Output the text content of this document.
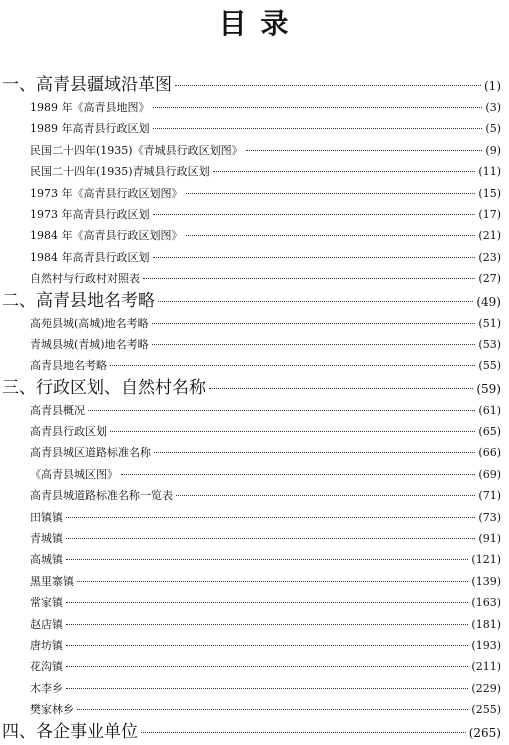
目 录
一、高青县疆域沿革图	(1)
1989 年《高青县地图》	(3)
1989 年高青县行政区划	(5)
民国二十四年(1935)《青城县行政区划图》	(9)
民国二十四年(1935)青城县行政区划	(11)
1973 年《高青县行政区划图》	(15)
1973 年高青县行政区划	(17)
1984 年《高青县行政区划图》	(21)
1984 年高青县行政区划	(23)
自然村与行政村对照表	(27)
二、高青县地名考略	(49)
高苑县城(高城)地名考略	(51)
青城县城(青城)地名考略	(53)
高青县地名考略	(55)
三、行政区划、自然村名称	(59)
高青县概况	(61)
高青县行政区划	(65)
高青县城区道路标准名称	(66)
《高青县城区图》	(69)
高青县城道路标准名称一览表	(71)
田镇镇	(73)
青城镇	(91)
高城镇	(121)
黑里寨镇	(139)
常家镇	(163)
赵店镇	(181)
唐坊镇	(193)
花沟镇	(211)
木李乡	(229)
樊家林乡	(255)
四、各企事业单位	(265)
